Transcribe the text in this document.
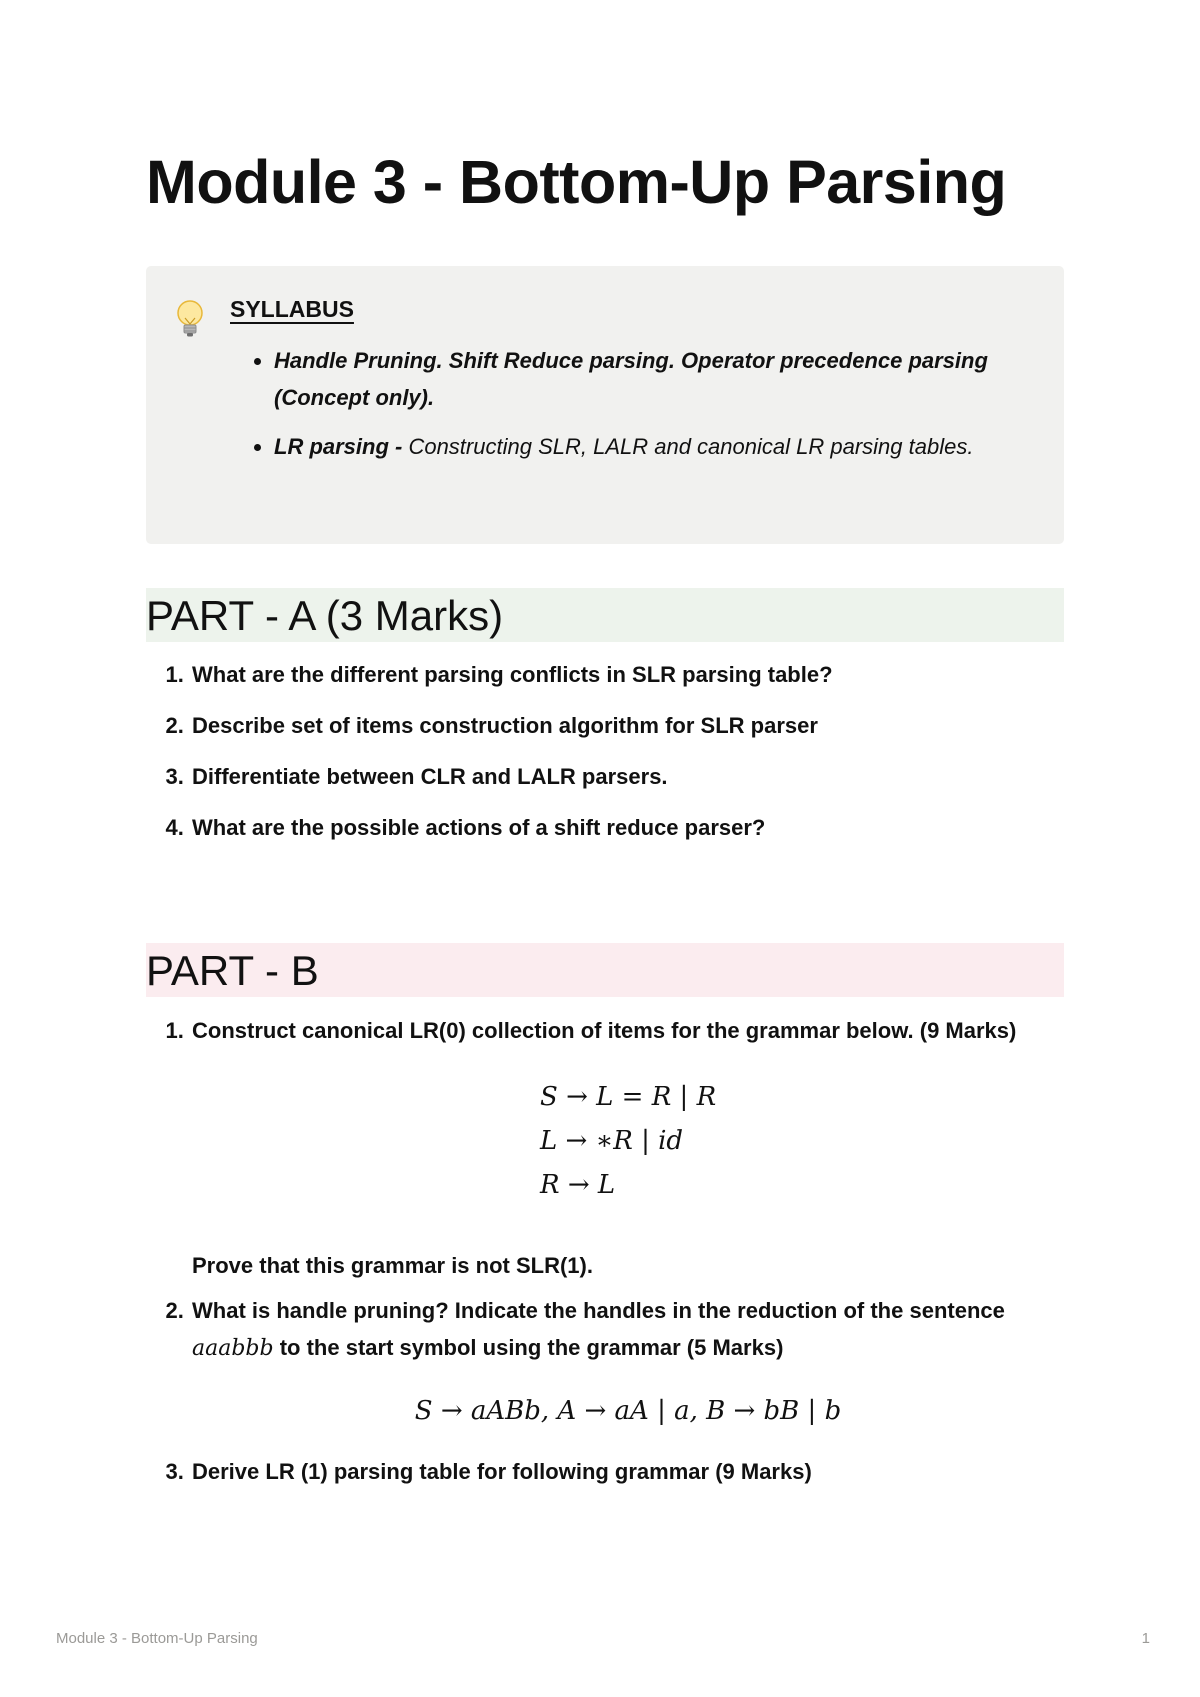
Module 3 - Bottom-Up Parsing
SYLLABUS
• Handle Pruning. Shift Reduce parsing. Operator precedence parsing (Concept only).
• LR parsing - Constructing SLR, LALR and canonical LR parsing tables.
PART - A (3 Marks)
1. What are the different parsing conflicts in SLR parsing table?
2. Describe set of items construction algorithm for SLR parser
3. Differentiate between CLR and LALR parsers.
4. What are the possible actions of a shift reduce parser?
PART - B
1. Construct canonical LR(0) collection of items for the grammar below. (9 Marks)
S → L = R | R
L → ∗R | id
R → L
Prove that this grammar is not SLR(1).
2. What is handle pruning? Indicate the handles in the reduction of the sentence aaabbb to the start symbol using the grammar (5 Marks)
S → aABb, A → aA | a, B → bB | b
3. Derive LR (1) parsing table for following grammar (9 Marks)
Module 3 - Bottom-Up Parsing	1
